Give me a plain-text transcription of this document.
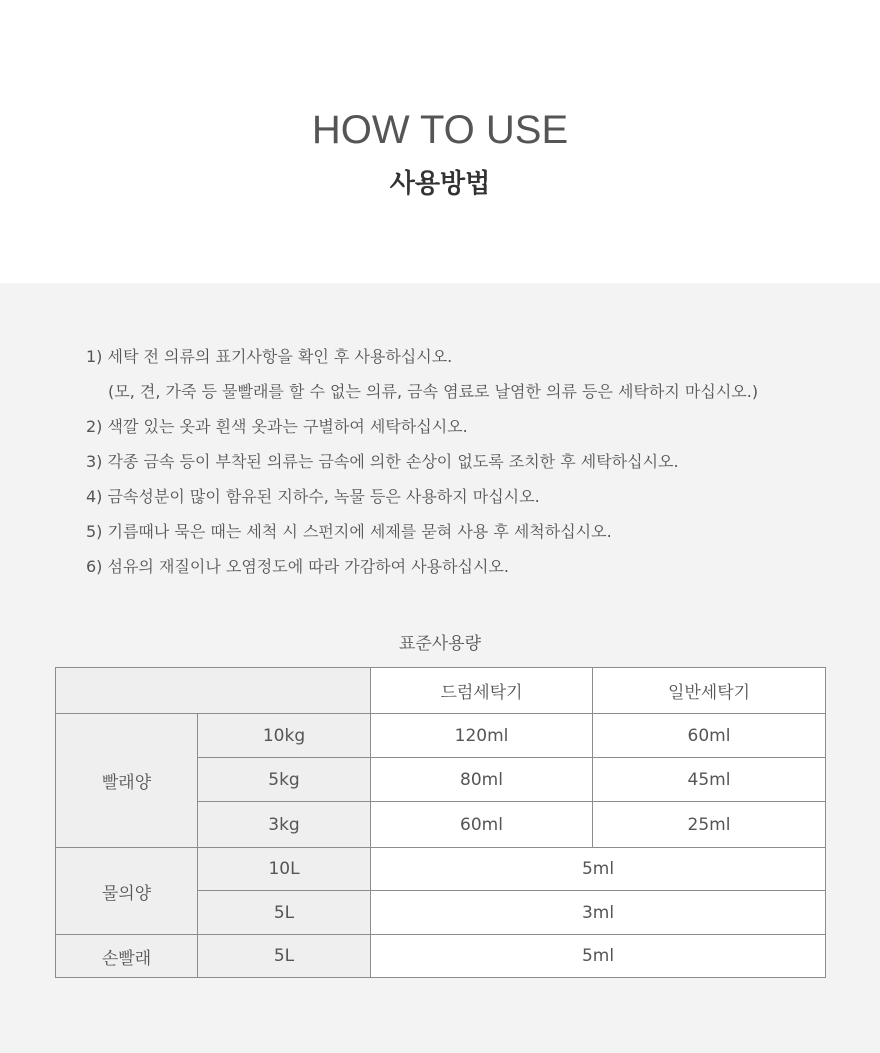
HOW TO USE
사용방법
1) 세탁 전 의류의 표기사항을 확인 후 사용하십시오.
(모, 견, 가죽 등 물빨래를 할 수 없는 의류, 금속 염료로 날염한 의류 등은 세탁하지 마십시오.)
2) 색깔 있는 옷과 흰색 옷과는 구별하여 세탁하십시오.
3) 각종 금속 등이 부착된 의류는 금속에 의한 손상이 없도록 조치한 후 세탁하십시오.
4) 금속성분이 많이 함유된 지하수, 녹물 등은 사용하지 마십시오.
5) 기름때나 묵은 때는 세척 시 스펀지에 세제를 묻혀 사용 후 세척하십시오.
6) 섬유의 재질이나 오염정도에 따라 가감하여 사용하십시오.
표준사용량
		드럼세탁기	일반세탁기
빨래양	10kg	120ml	60ml
	5kg	80ml	45ml
	3kg	60ml	25ml
물의양	10L	5ml	
	5L	3ml	
손빨래	5L	5ml	
